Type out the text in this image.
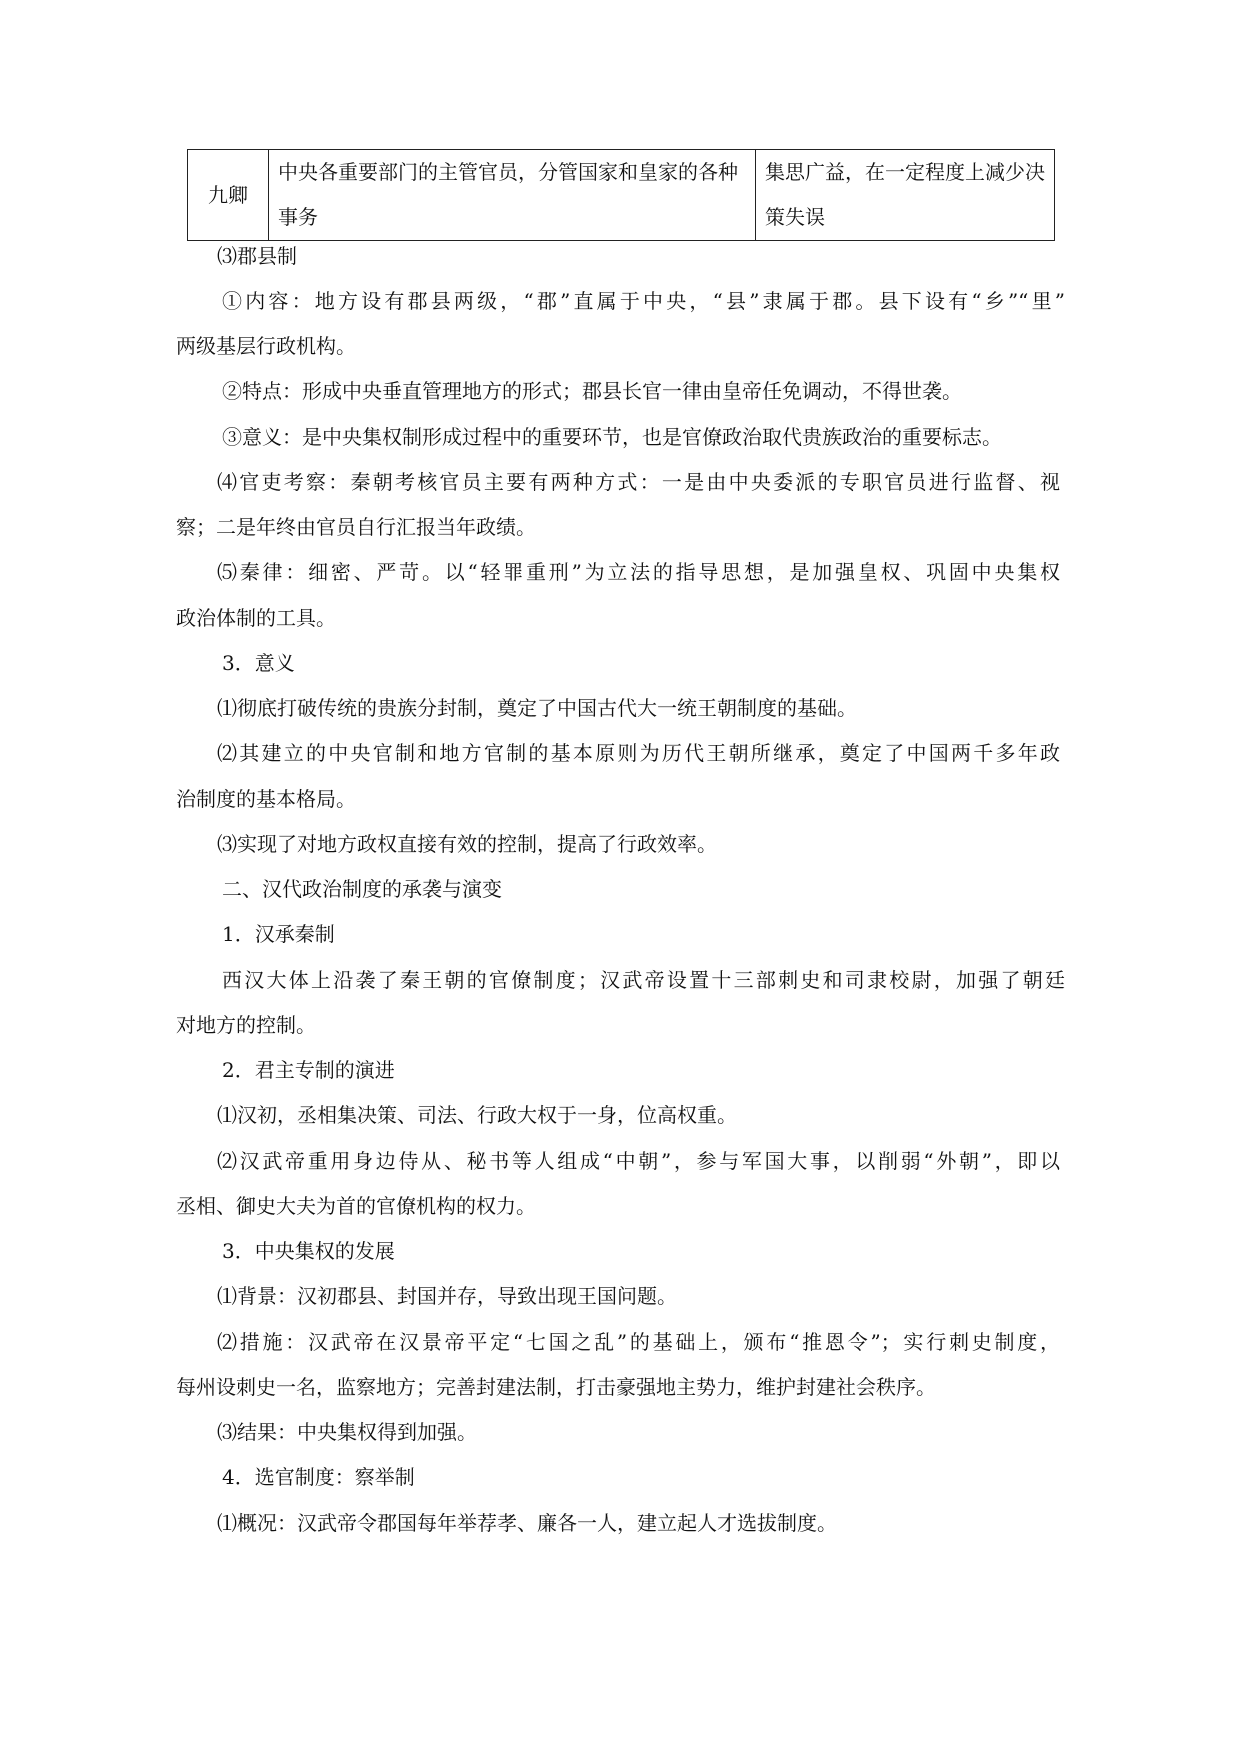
九卿	中央各重要部门的主管官员，分管国家和皇家的各种事务	集思广益，在一定程度上减少决策失误
⑶郡县制
①内容：地方设有郡县两级，“郡”直属于中央，“县”隶属于郡。县下设有“乡”“里”
两级基层行政机构。
②特点：形成中央垂直管理地方的形式；郡县长官一律由皇帝任免调动，不得世袭。
③意义：是中央集权制形成过程中的重要环节，也是官僚政治取代贵族政治的重要标志。
⑷官吏考察：秦朝考核官员主要有两种方式：一是由中央委派的专职官员进行监督、视
察；二是年终由官员自行汇报当年政绩。
⑸秦律：细密、严苛。以“轻罪重刑”为立法的指导思想，是加强皇权、巩固中央集权
政治体制的工具。
3．意义
⑴彻底打破传统的贵族分封制，奠定了中国古代大一统王朝制度的基础。
⑵其建立的中央官制和地方官制的基本原则为历代王朝所继承，奠定了中国两千多年政
治制度的基本格局。
⑶实现了对地方政权直接有效的控制，提高了行政效率。
二、汉代政治制度的承袭与演变
1．汉承秦制
西汉大体上沿袭了秦王朝的官僚制度；汉武帝设置十三部刺史和司隶校尉，加强了朝廷
对地方的控制。
2．君主专制的演进
⑴汉初，丞相集决策、司法、行政大权于一身，位高权重。
⑵汉武帝重用身边侍从、秘书等人组成“中朝”，参与军国大事，以削弱“外朝”，即以
丞相、御史大夫为首的官僚机构的权力。
3．中央集权的发展
⑴背景：汉初郡县、封国并存，导致出现王国问题。
⑵措施：汉武帝在汉景帝平定“七国之乱”的基础上，颁布“推恩令”；实行刺史制度，
每州设刺史一名，监察地方；完善封建法制，打击豪强地主势力，维护封建社会秩序。
⑶结果：中央集权得到加强。
4．选官制度：察举制
⑴概况：汉武帝令郡国每年举荐孝、廉各一人，建立起人才选拔制度。
